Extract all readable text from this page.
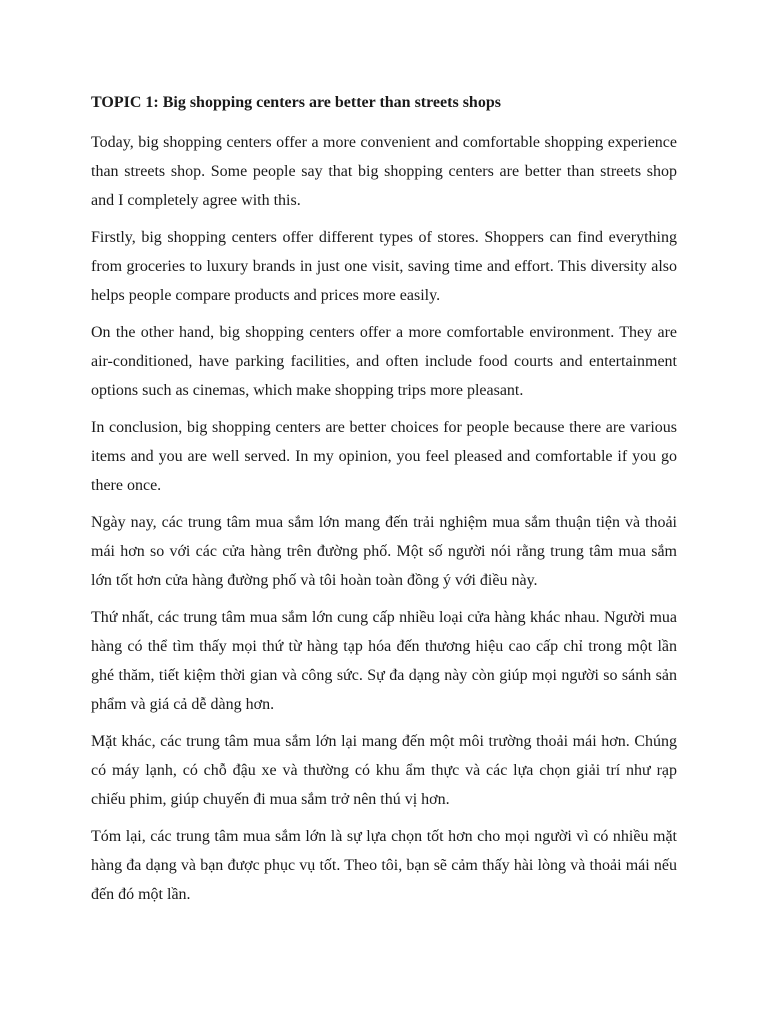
TOPIC 1: Big shopping centers are better than streets shops

Today, big shopping centers offer a more convenient and comfortable shopping experience than streets shop. Some people say that big shopping centers are better than streets shop and I completely agree with this.

Firstly, big shopping centers offer different types of stores. Shoppers can find everything from groceries to luxury brands in just one visit, saving time and effort. This diversity also helps people compare products and prices more easily.

On the other hand, big shopping centers offer a more comfortable environment. They are air-conditioned, have parking facilities, and often include food courts and entertainment options such as cinemas, which make shopping trips more pleasant.

In conclusion, big shopping centers are better choices for people because there are various items and you are well served. In my opinion, you feel pleased and comfortable if you go there once.

Ngày nay, các trung tâm mua sắm lớn mang đến trải nghiệm mua sắm thuận tiện và thoải mái hơn so với các cửa hàng trên đường phố. Một số người nói rằng trung tâm mua sắm lớn tốt hơn cửa hàng đường phố và tôi hoàn toàn đồng ý với điều này.

Thứ nhất, các trung tâm mua sắm lớn cung cấp nhiều loại cửa hàng khác nhau. Người mua hàng có thể tìm thấy mọi thứ từ hàng tạp hóa đến thương hiệu cao cấp chỉ trong một lần ghé thăm, tiết kiệm thời gian và công sức. Sự đa dạng này còn giúp mọi người so sánh sản phẩm và giá cả dễ dàng hơn.

Mặt khác, các trung tâm mua sắm lớn lại mang đến một môi trường thoải mái hơn. Chúng có máy lạnh, có chỗ đậu xe và thường có khu ẩm thực và các lựa chọn giải trí như rạp chiếu phim, giúp chuyến đi mua sắm trở nên thú vị hơn.

Tóm lại, các trung tâm mua sắm lớn là sự lựa chọn tốt hơn cho mọi người vì có nhiều mặt hàng đa dạng và bạn được phục vụ tốt. Theo tôi, bạn sẽ cảm thấy hài lòng và thoải mái nếu đến đó một lần.
